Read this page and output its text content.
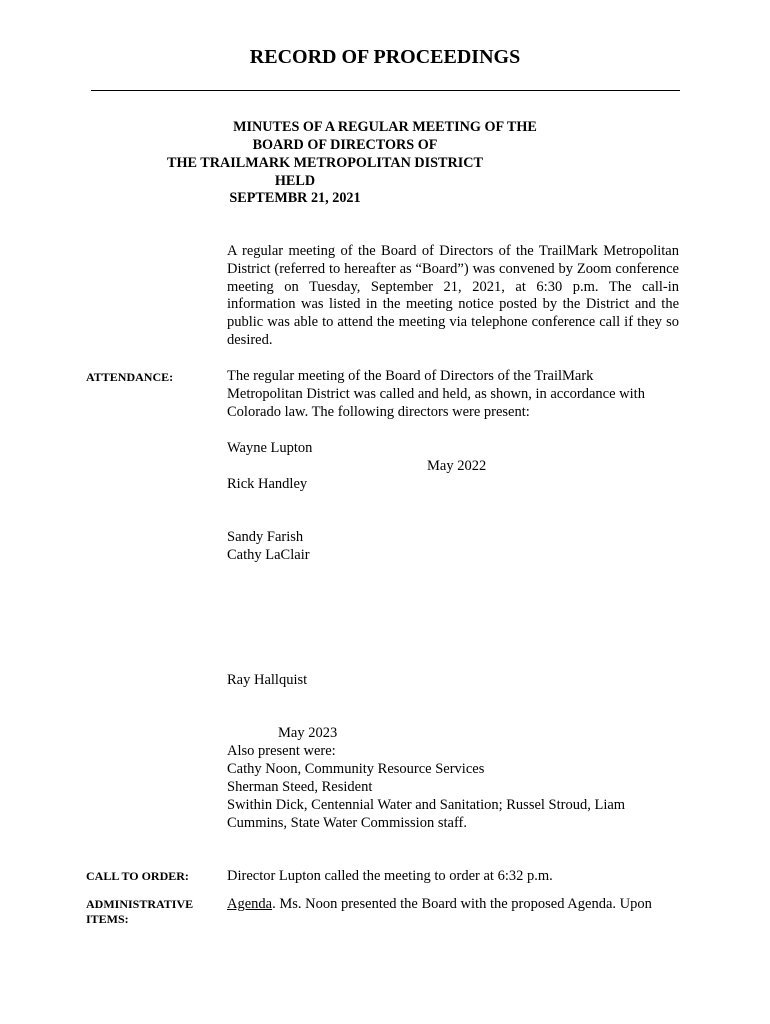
RECORD OF PROCEEDINGS
MINUTES OF A REGULAR MEETING OF THE
BOARD OF DIRECTORS OF
THE TRAILMARK METROPOLITAN DISTRICT
HELD
SEPTEMBR 21, 2021
A regular meeting of the Board of Directors of the TrailMark Metropolitan District (referred to hereafter as “Board”) was convened by Zoom conference meeting on Tuesday, September 21, 2021, at 6:30 p.m. The call-in information was listed in the meeting notice posted by the District and the public was able to attend the meeting via telephone conference call if they so desired.
ATTENDANCE:	The regular meeting of the Board of Directors of the TrailMark
Metropolitan District was called and held, as shown, in accordance with
Colorado law. The following directors were present:
Wayne Lupton
May 2022
Rick Handley
Sandy Farish
Cathy LaClair
Ray Hallquist
May 2023
Also present were:
Cathy Noon, Community Resource Services
Sherman Steed, Resident
Swithin Dick, Centennial Water and Sanitation; Russel Stroud, Liam
Cummins, State Water Commission staff.
CALL TO ORDER:	Director Lupton called the meeting to order at 6:32 p.m.
ADMINISTRATIVE
ITEMS:
Agenda. Ms. Noon presented the Board with the proposed Agenda. Upon
